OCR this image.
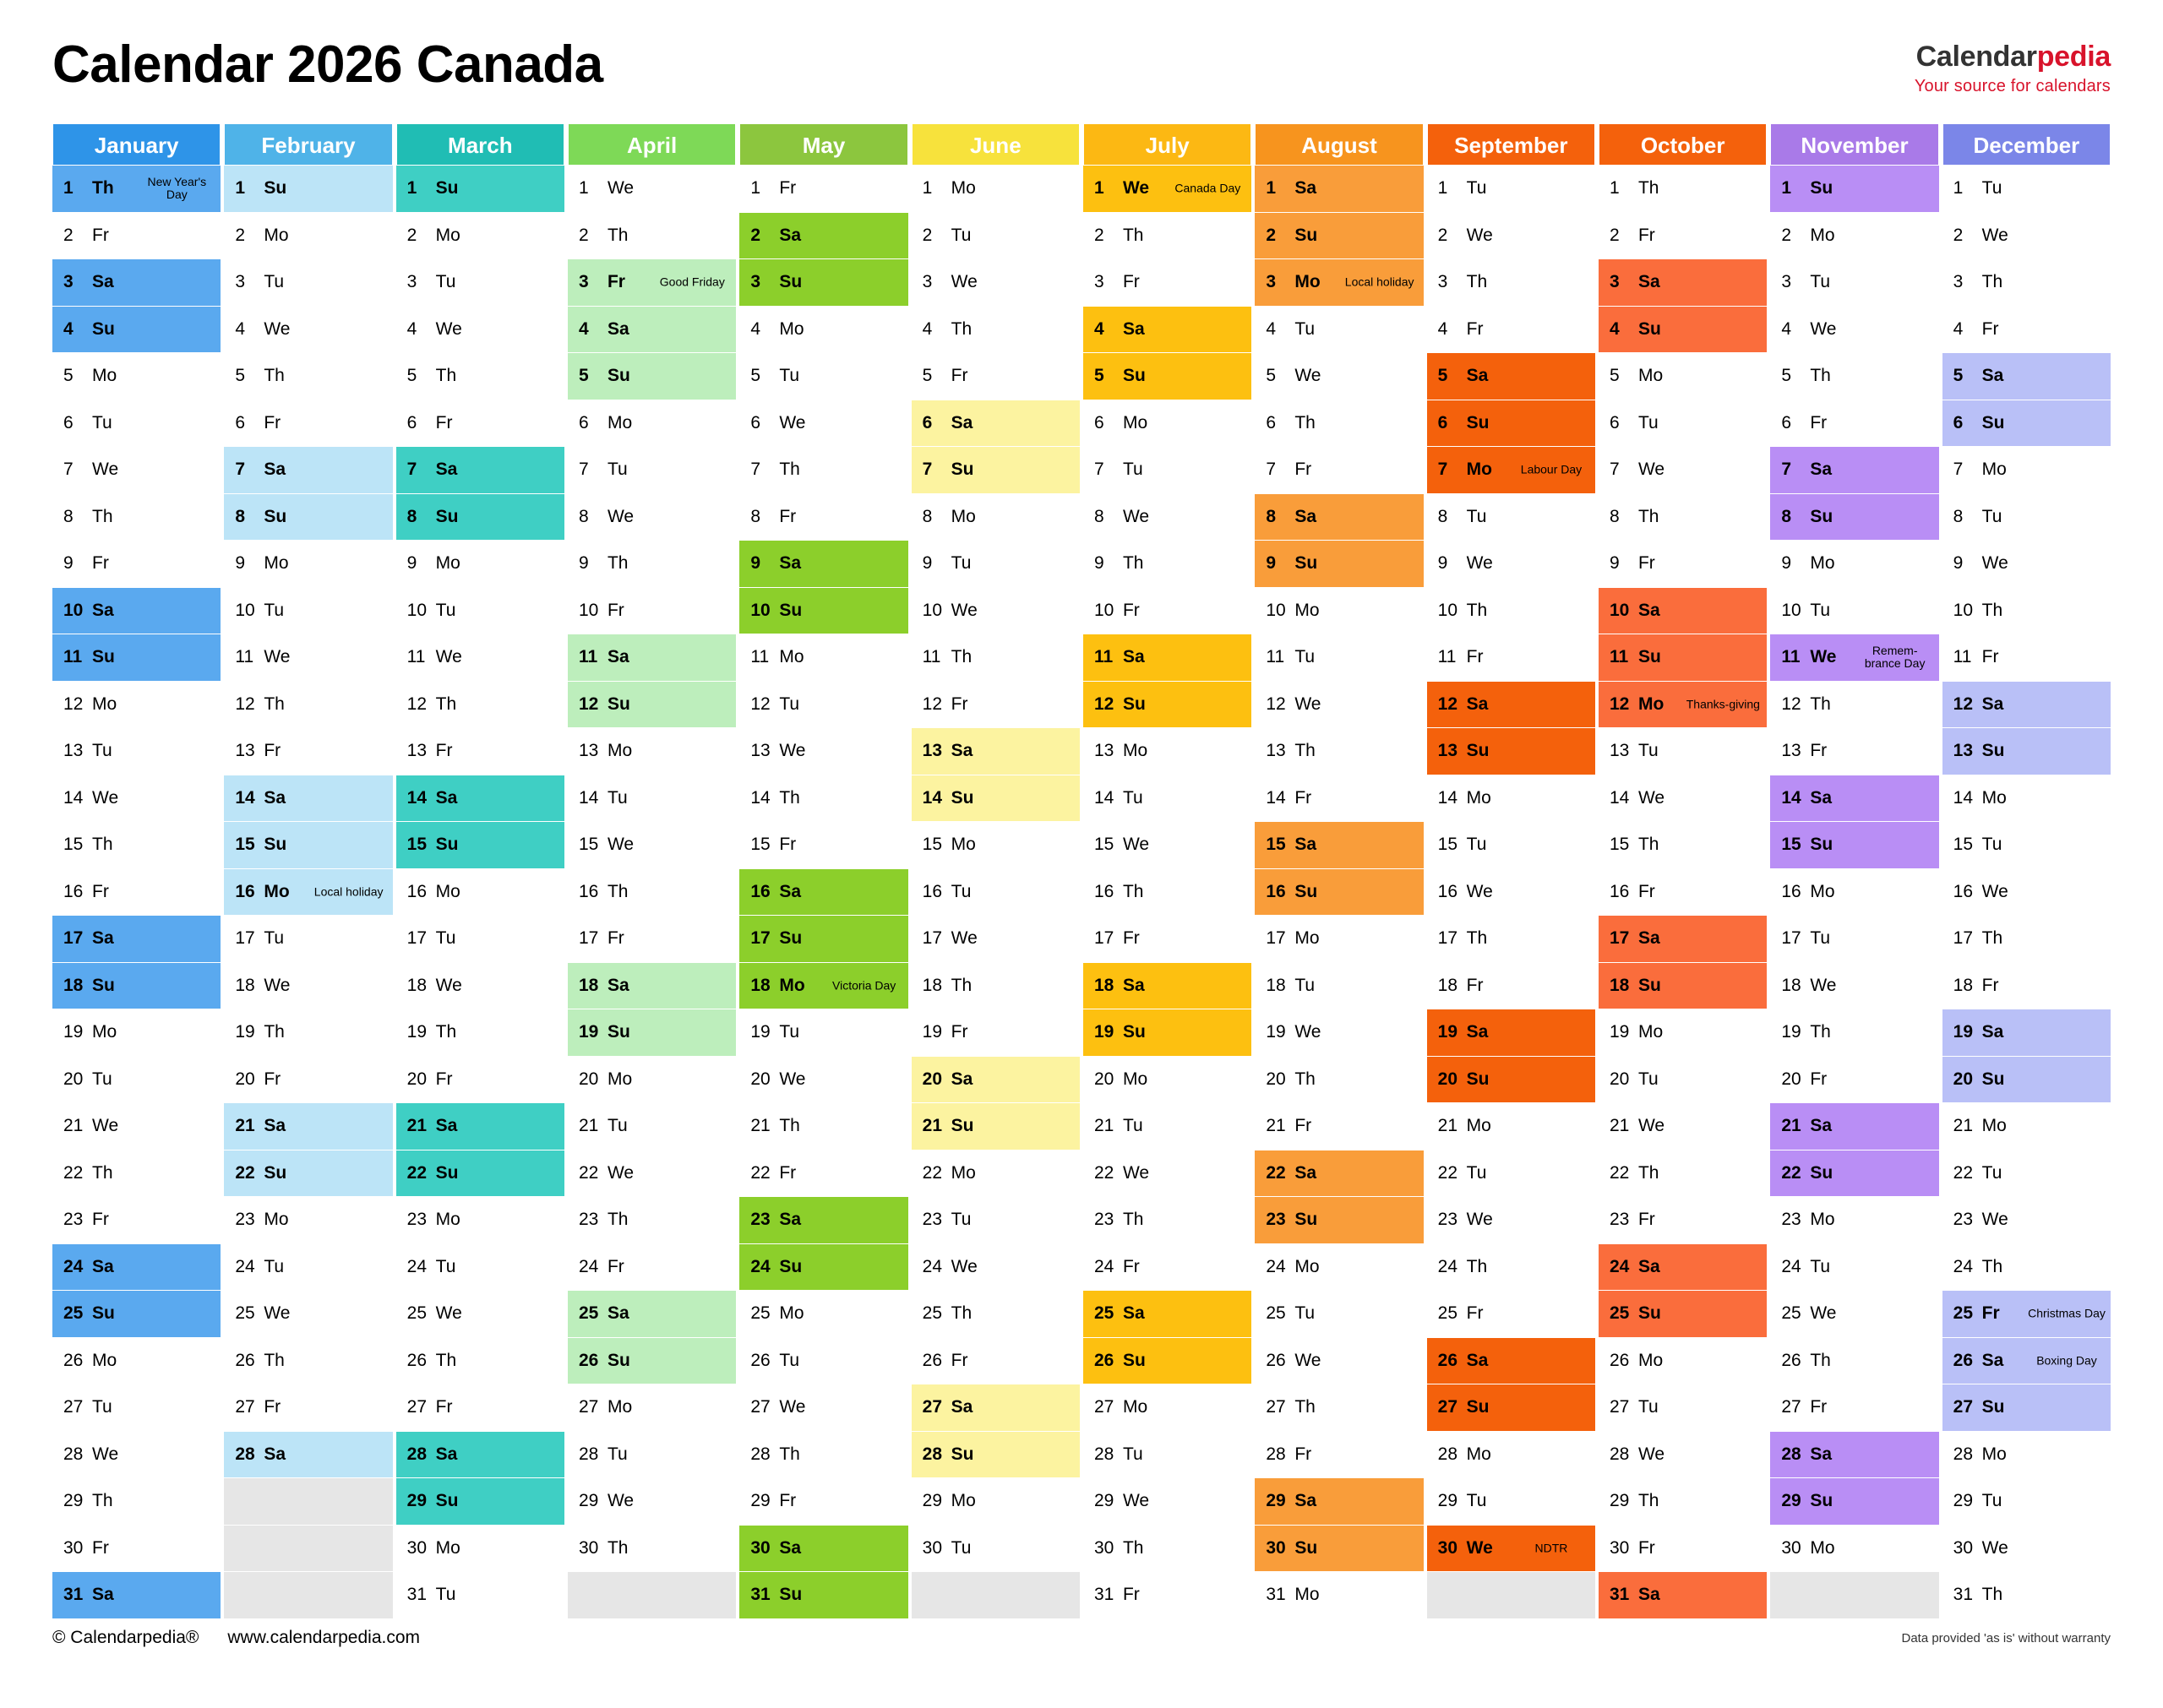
Calendar 2026 Canada	Calendarpedia
Your source for calendars
January
1	Th	New Year's Day
2	Fr
3	Sa
4	Su
5	Mo
6	Tu
7	We
8	Th
9	Fr
10 Sa
11 Su
12 Mo
13 Tu
14 We
15 Th
16 Fr
17 Sa
18 Su
19 Mo
20 Tu
21 We
22 Th
23 Fr
24 Sa
25 Su
26 Mo
27 Tu
28 We
29 Th
30 Fr
31 Sa
February
1	Su
2	Mo
3	Tu
4	We
5	Th
6	Fr
7	Sa
8	Su
9	Mo
10 Tu
11 We
12 Th
13 Fr
14 Sa
15 Su
16 Mo	Local holiday
17 Tu
18 We
19 Th
20 Fr
21 Sa
22 Su
23 Mo
24 Tu
25 We
26 Th
27 Fr
28 Sa
March
1	Su
2	Mo
3	Tu
4	We
5	Th
6	Fr
7	Sa
8	Su
9	Mo
10 Tu
11 We
12 Th
13 Fr
14 Sa
15 Su
16 Mo
17 Tu
18 We
19 Th
20 Fr
21 Sa
22 Su
23 Mo
24 Tu
25 We
26 Th
27 Fr
28 Sa
29 Su
30 Mo
31 Tu
April
1	We
2	Th
3	Fr	Good Friday
4	Sa
5	Su
6	Mo
7	Tu
8	We
9	Th
10 Fr
11 Sa
12 Su
13 Mo
14 Tu
15 We
16 Th
17 Fr
18 Sa
19 Su
20 Mo
21 Tu
22 We
23 Th
24 Fr
25 Sa
26 Su
27 Mo
28 Tu
29 We
30 Th
May
1	Fr
2	Sa
3	Su
4	Mo
5	Tu
6	We
7	Th
8	Fr
9	Sa
10 Su
11 Mo
12 Tu
13 We
14 Th
15 Fr
16 Sa
17 Su
18 Mo	Victoria Day
19 Tu
20 We
21 Th
22 Fr
23 Sa
24 Su
25 Mo
26 Tu
27 We
28 Th
29 Fr
30 Sa
31 Su
June
1	Mo
2	Tu
3	We
4	Th
5	Fr
6	Sa
7	Su
8	Mo
9	Tu
10 We
11 Th
12 Fr
13 Sa
14 Su
15 Mo
16 Tu
17 We
18 Th
19 Fr
20 Sa
21 Su
22 Mo
23 Tu
24 We
25 Th
26 Fr
27 Sa
28 Su
29 Mo
30 Tu
July
1	We	Canada Day
2	Th
3	Fr
4	Sa
5	Su
6	Mo
7	Tu
8	We
9	Th
10 Fr
11 Sa
12 Su
13 Mo
14 Tu
15 We
16 Th
17 Fr
18 Sa
19 Su
20 Mo
21 Tu
22 We
23 Th
24 Fr
25 Sa
26 Su
27 Mo
28 Tu
29 We
30 Th
31 Fr
August
1	Sa
2	Su
3	Mo	Local holiday
4	Tu
5	We
6	Th
7	Fr
8	Sa
9	Su
10 Mo
11 Tu
12 We
13 Th
14 Fr
15 Sa
16 Su
17 Mo
18 Tu
19 We
20 Th
21 Fr
22 Sa
23 Su
24 Mo
25 Tu
26 We
27 Th
28 Fr
29 Sa
30 Su
31 Mo
September
1	Tu
2	We
3	Th
4	Fr
5	Sa
6	Su
7	Mo	Labour Day
8	Tu
9	We
10 Th
11 Fr
12 Sa
13 Su
14 Mo
15 Tu
16 We
17 Th
18 Fr
19 Sa
20 Su
21 Mo
22 Tu
23 We
24 Th
25 Fr
26 Sa
27 Su
28 Mo
29 Tu
30 We	NDTR
October
1	Th
2	Fr
3	Sa
4	Su
5	Mo
6	Tu
7	We
8	Th
9	Fr
10 Sa
11 Su
12 Mo Thanks-giving
13 Tu
14 We
15 Th
16 Fr
17 Sa
18 Su
19 Mo
20 Tu
21 We
22 Th
23 Fr
24 Sa
25 Su
26 Mo
27 Tu
28 We
29 Th
30 Fr
31 Sa
November
1	Su
2	Mo
3	Tu
4	We
5	Th
6	Fr
7	Sa
8	Su
9	Mo
10 Tu
11 We	Remem-brance Day
12 Th
13 Fr
14 Sa
15 Su
16 Mo
17 Tu
18 We
19 Th
20 Fr
21 Sa
22 Su
23 Mo
24 Tu
25 We
26 Th
27 Fr
28 Sa
29 Su
30 Mo
December
1	Tu
2	We
3	Th
4	Fr
5	Sa
6	Su
7	Mo
8	Tu
9	We
10 Th
11 Fr
12 Sa
13 Su
14 Mo
15 Tu
16 We
17 Th
18 Fr
19 Sa
20 Su
21 Mo
22 Tu
23 We
24 Th
25 Fr Christmas Day
26 Sa	Boxing Day
27 Su
28 Mo
29 Tu
30 We
31 Th
© Calendarpedia® www.calendarpedia.com	Data provided 'as is' without warranty
